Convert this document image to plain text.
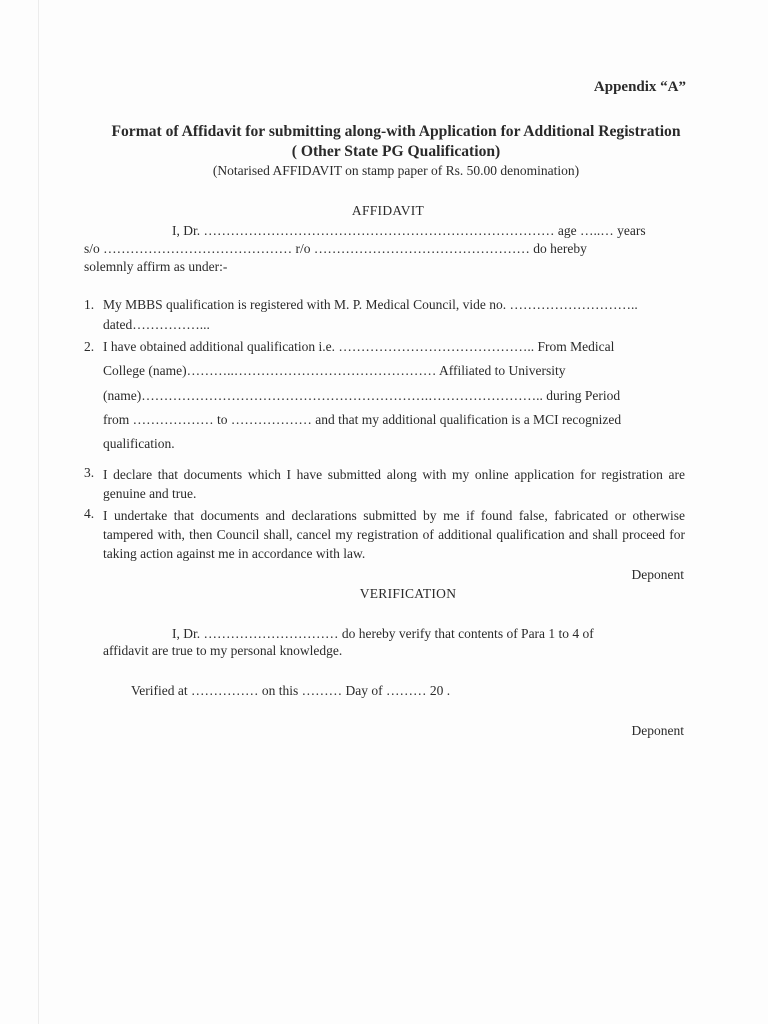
Appendix “A”
Format of Affidavit for submitting along-with Application for Additional Registration
( Other State PG Qualification)
(Notarised AFFIDAVIT on stamp paper of Rs. 50.00 denomination)
AFFIDAVIT
I, Dr. …………………………………………………………………… age …..… years
s/o …………………………………… r/o ………………………………………… do hereby
solemnly affirm as under:-
1. My MBBS qualification is registered with M. P. Medical Council, vide no. ………………………..
dated……………...
2. I have obtained additional qualification i.e. …………………………………….. From Medical
College (name)………..……………………………………… Affiliated to University
(name)……………………………………………………….…………………….. during Period
from ……………… to ……………… and that my additional qualification is a MCI recognized
qualification.
3. I declare that documents which I have submitted along with my online application for registration are genuine and true.
4. I undertake that documents and declarations submitted by me if found false, fabricated or otherwise tampered with, then Council shall, cancel my registration of additional qualification and shall proceed for taking action against me in accordance with law.
Deponent
VERIFICATION
I, Dr. ………………………… do hereby verify that contents of Para 1 to 4 of
affidavit are true to my personal knowledge.
Verified at …………… on this ……… Day of ……… 20 .
Deponent
